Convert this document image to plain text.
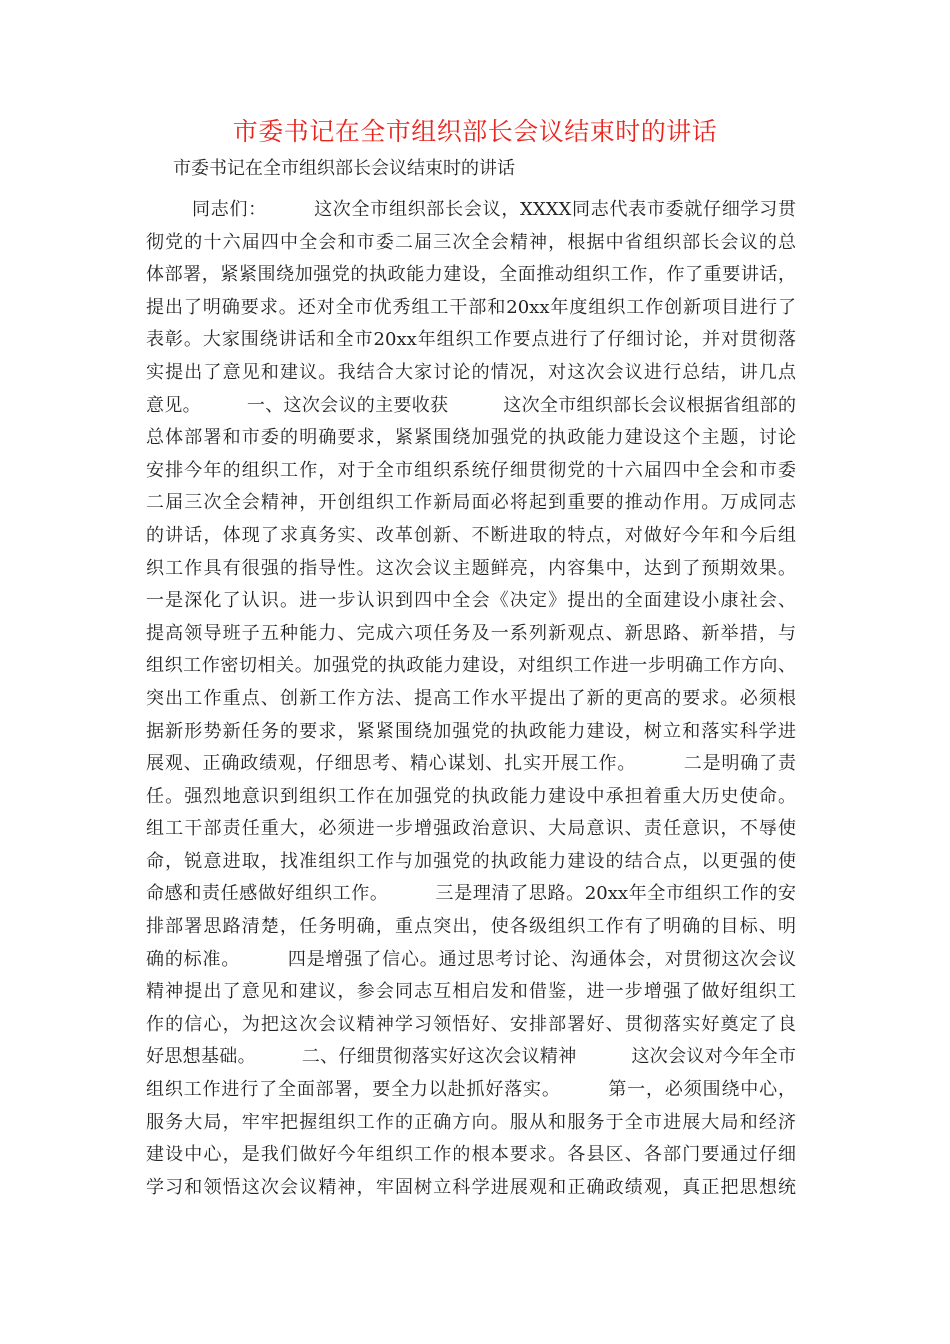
市委书记在全市组织部长会议结束时的讲话
市委书记在全市组织部长会议结束时的讲话
同志们：　　　这次全市组织部长会议，XXXX同志代表市委就仔细学习贯
彻党的十六届四中全会和市委二届三次全会精神，根据中省组织部长会议的总
体部署，紧紧围绕加强党的执政能力建设，全面推动组织工作，作了重要讲话，
提出了明确要求。还对全市优秀组工干部和20xx年度组织工作创新项目进行了
表彰。大家围绕讲话和全市20xx年组织工作要点进行了仔细讨论，并对贯彻落
实提出了意见和建议。我结合大家讨论的情况，对这次会议进行总结，讲几点
意见。　　　一、这次会议的主要收获　　　这次全市组织部长会议根据省组部的
总体部署和市委的明确要求，紧紧围绕加强党的执政能力建设这个主题，讨论
安排今年的组织工作，对于全市组织系统仔细贯彻党的十六届四中全会和市委
二届三次全会精神，开创组织工作新局面必将起到重要的推动作用。万成同志
的讲话，体现了求真务实、改革创新、不断进取的特点，对做好今年和今后组
织工作具有很强的指导性。这次会议主题鲜亮，内容集中，达到了预期效果。
一是深化了认识。进一步认识到四中全会《决定》提出的全面建设小康社会、
提高领导班子五种能力、完成六项任务及一系列新观点、新思路、新举措，与
组织工作密切相关。加强党的执政能力建设，对组织工作进一步明确工作方向、
突出工作重点、创新工作方法、提高工作水平提出了新的更高的要求。必须根
据新形势新任务的要求，紧紧围绕加强党的执政能力建设，树立和落实科学进
展观、正确政绩观，仔细思考、精心谋划、扎实开展工作。　　　二是明确了责
任。强烈地意识到组织工作在加强党的执政能力建设中承担着重大历史使命。
组工干部责任重大，必须进一步增强政治意识、大局意识、责任意识，不辱使
命，锐意进取，找准组织工作与加强党的执政能力建设的结合点，以更强的使
命感和责任感做好组织工作。　　　三是理清了思路。20xx年全市组织工作的安
排部署思路清楚，任务明确，重点突出，使各级组织工作有了明确的目标、明
确的标准。　　　四是增强了信心。通过思考讨论、沟通体会，对贯彻这次会议
精神提出了意见和建议，参会同志互相启发和借鉴，进一步增强了做好组织工
作的信心，为把这次会议精神学习领悟好、安排部署好、贯彻落实好奠定了良
好思想基础。　　　二、仔细贯彻落实好这次会议精神　　　这次会议对今年全市
组织工作进行了全面部署，要全力以赴抓好落实。　　　第一，必须围绕中心，
服务大局，牢牢把握组织工作的正确方向。服从和服务于全市进展大局和经济
建设中心，是我们做好今年组织工作的根本要求。各县区、各部门要通过仔细
学习和领悟这次会议精神，牢固树立科学进展观和正确政绩观，真正把思想统
